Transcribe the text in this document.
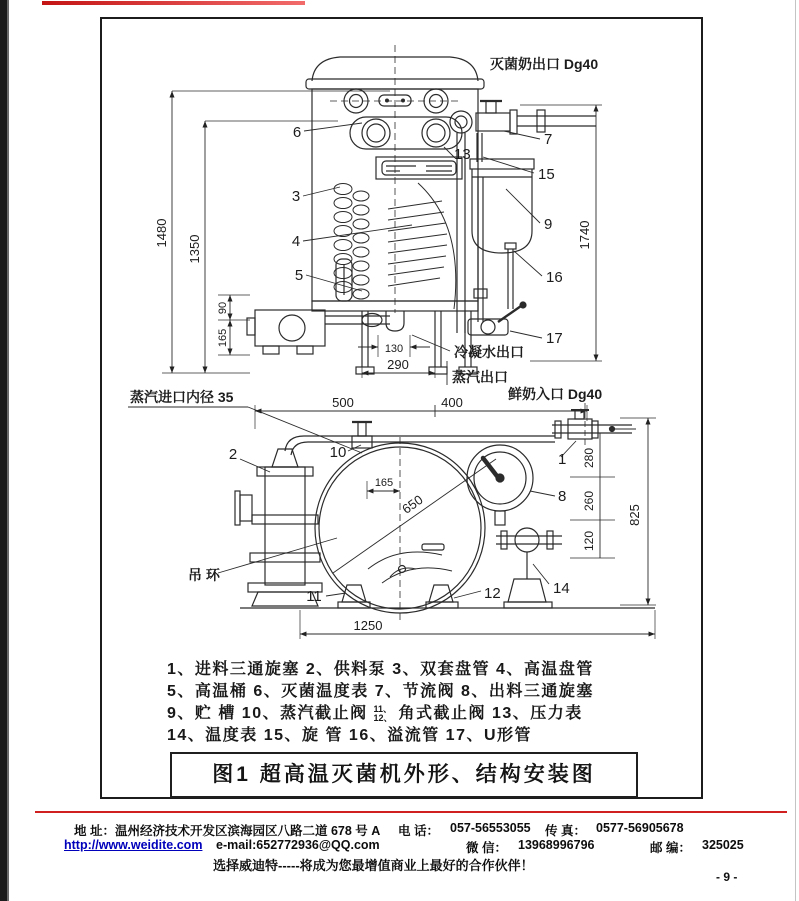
灭菌奶出口 Dg40
1480
1350	1740
90
165
130
290
6
13
3
4
5
7
15
9
16
17
冷凝水出口
蒸汽出口
蒸汽进口内径 35	500	400
鲜奶入口 Dg40
2	10	1
8
14
12
11
165
650
280
260
120
825
1250
吊 环
1、进料三通旋塞 2、供料泵 3、双套盘管 4、高温盘管
5、高温桶 6、灭菌温度表 7、节流阀 8、出料三通旋塞
9、贮 槽 10、蒸汽截止阀 11、
12、 角式截止阀 13、压力表
14、温度表 15、旋 管 16、溢流管 17、U形管
图1 超高温灭菌机外形、结构安装图
地 址：温州经济技术开发区滨海园区八路二道 678 号 A 电 话： 057-56553055 传 真： 0577-56905678
http://www.weidite.com e-mail:652772936@QQ.com	微 信： 13968996796	邮 编： 325025
选择威迪特-----将成为您最增值商业上最好的合作伙伴！
- 9 -
